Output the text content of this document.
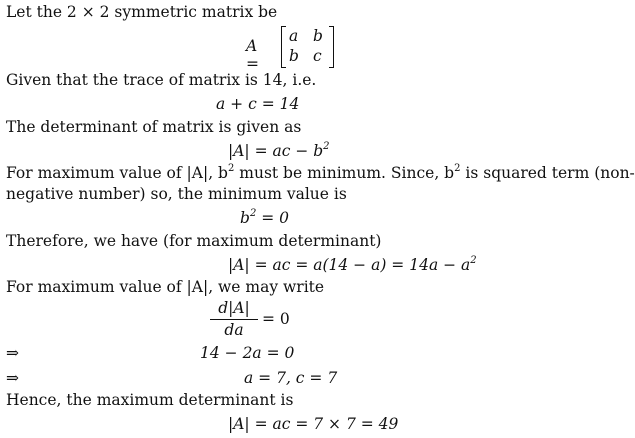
Let the 2 × 2 symmetric matrix be
A =
a b
b c
Given that the trace of matrix is 14, i.e.
a + c = 14
The determinant of matrix is given as
|A| = ac − $b^2$
For maximum value of |A|, $b^2$ must be minimum. Since, $b^2$ is squared term (non-
negative number) so, the minimum value is
$b^2 = 0$
Therefore, we have (for maximum determinant)
|A| = ac = $a(14 - a) = 14a - a^2$
For maximum value of |A|, we may write
$\frac{d|A|}{da} = 0$
⇒	14 − 2a = 0
⇒	a = 7, c = 7
Hence, the maximum determinant is
|A| = ac = 7 × 7 = 49
